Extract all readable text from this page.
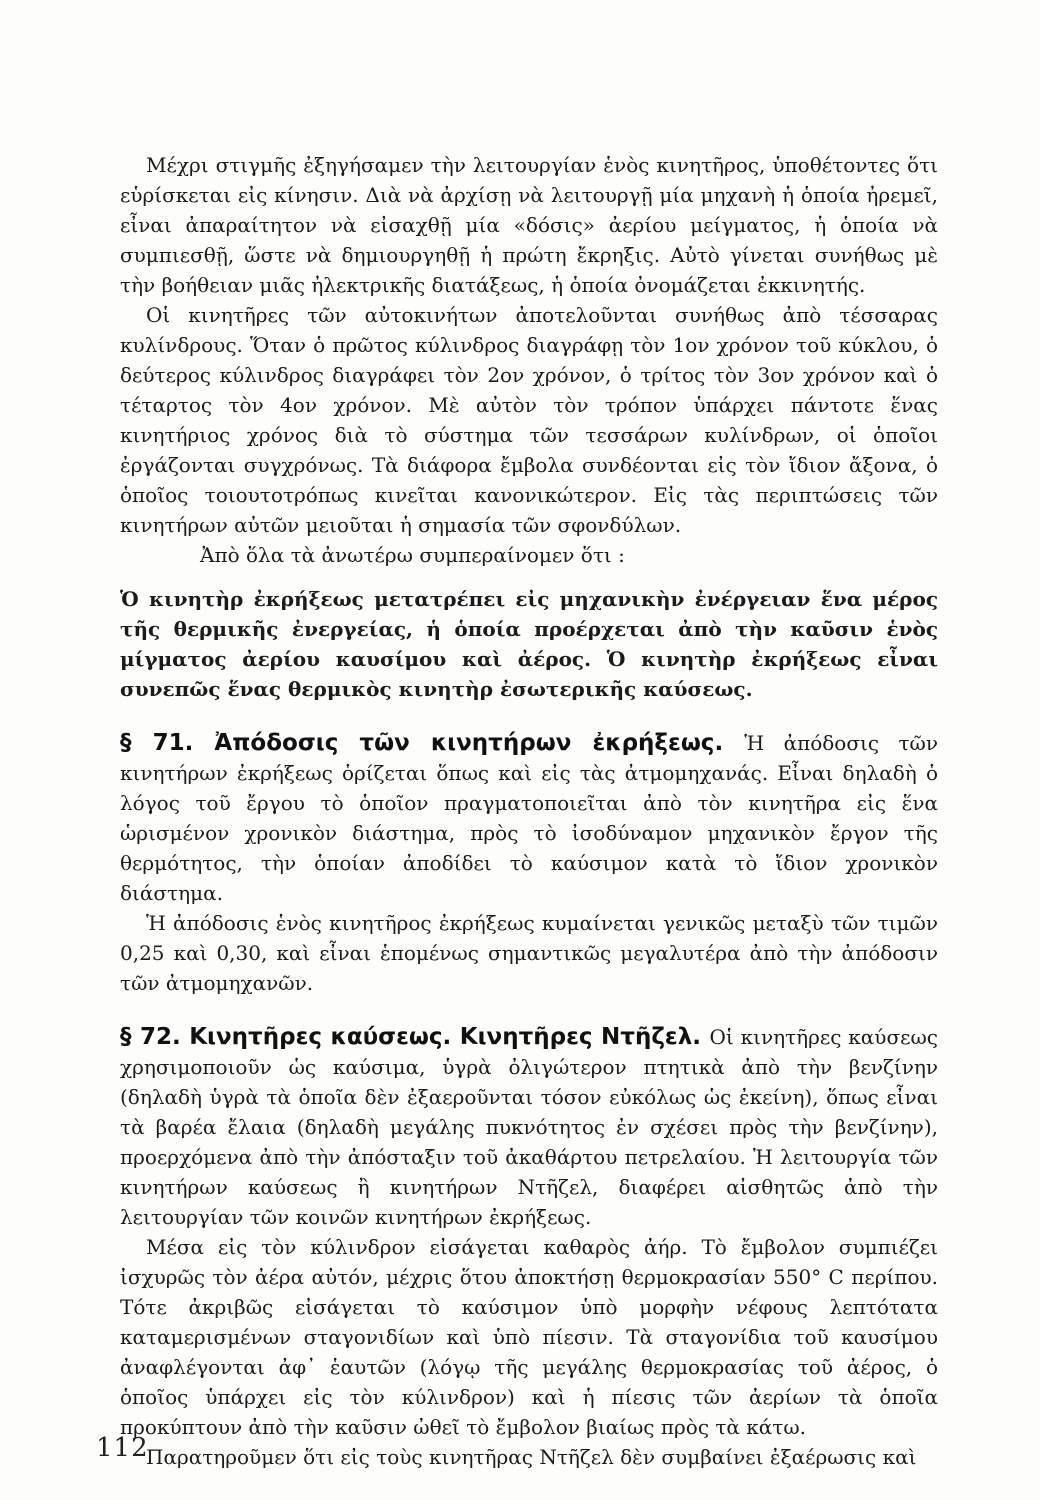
Μέχρι στιγμῆς ἐξηγήσαμεν τὴν λειτουργίαν ἑνὸς κινητῆρος, ὑποθέτοντες ὅτι εὑρίσκεται εἰς κίνησιν. Διὰ νὰ ἀρχίσῃ νὰ λειτουργῇ μία μηχανὴ ἡ ὁποία ἠρεμεῖ, εἶναι ἀπαραίτητον νὰ εἰσαχθῇ μία «δόσις» ἀερίου μείγματος, ἡ ὁποία νὰ συμπιεσθῇ, ὥστε νὰ δημιουργηθῇ ἡ πρώτη ἔκρηξις. Αὐτὸ γίνεται συνήθως μὲ τὴν βοήθειαν μιᾶς ἠλεκτρικῆς διατάξεως, ἡ ὁποία ὀνομάζεται ἐκκινητής.

Οἱ κινητῆρες τῶν αὐτοκινήτων ἀποτελοῦνται συνήθως ἀπὸ τέσσαρας κυλίνδρους. Ὅταν ὁ πρῶτος κύλινδρος διαγράφῃ τὸν 1ον χρόνον τοῦ κύκλου, ὁ δεύτερος κύλινδρος διαγράφει τὸν 2ον χρόνον, ὁ τρίτος τὸν 3ον χρόνον καὶ ὁ τέταρτος τὸν 4ον χρόνον. Μὲ αὐτὸν τὸν τρόπον ὑπάρχει πάντοτε ἕνας κινητήριος χρόνος διὰ τὸ σύστημα τῶν τεσσάρων κυλίνδρων, οἱ ὁποῖοι ἐργάζονται συγχρόνως. Τὰ διάφορα ἔμβολα συνδέονται εἰς τὸν ἴδιον ἄξονα, ὁ ὁποῖος τοιουτοτρόπως κινεῖται κανονικώτερον. Εἰς τὰς περιπτώσεις τῶν κινητήρων αὐτῶν μειοῦται ἡ σημασία τῶν σφονδύλων.

Ἀπὸ ὅλα τὰ ἀνωτέρω συμπεραίνομεν ὅτι :

Ὁ κινητὴρ ἐκρήξεως μετατρέπει εἰς μηχανικὴν ἐνέργειαν ἕνα μέρος τῆς θερμικῆς ἐνεργείας, ἡ ὁποία προέρχεται ἀπὸ τὴν καῦσιν ἑνὸς μίγματος ἀερίου καυσίμου καὶ ἀέρος. Ὁ κινητὴρ ἐκρήξεως εἶναι συνεπῶς ἕνας θερμικὸς κινητὴρ ἐσωτερικῆς καύσεως.

§ 71. Ἀπόδοσις τῶν κινητήρων ἐκρήξεως. Ἡ ἀπόδοσις τῶν κινητήρων ἐκρήξεως ὁρίζεται ὅπως καὶ εἰς τὰς ἀτμομηχανάς. Εἶναι δηλαδὴ ὁ λόγος τοῦ ἔργου τὸ ὁποῖον πραγματοποιεῖται ἀπὸ τὸν κινητῆρα εἰς ἕνα ὡρισμένον χρονικὸν διάστημα, πρὸς τὸ ἰσοδύναμον μηχανικὸν ἔργον τῆς θερμότητος, τὴν ὁποίαν ἀποδίδει τὸ καύσιμον κατὰ τὸ ἴδιον χρονικὸν διάστημα.

Ἡ ἀπόδοσις ἑνὸς κινητῆρος ἐκρήξεως κυμαίνεται γενικῶς μεταξὺ τῶν τιμῶν 0,25 καὶ 0,30, καὶ εἶναι ἑπομένως σημαντικῶς μεγαλυτέρα ἀπὸ τὴν ἀπόδοσιν τῶν ἀτμομηχανῶν.

§ 72. Κινητῆρες καύσεως. Κινητῆρες Ντῆζελ. Οἱ κινητῆρες καύσεως χρησιμοποιοῦν ὡς καύσιμα, ὑγρὰ ὀλιγώτερον πτητικὰ ἀπὸ τὴν βενζίνην (δηλαδὴ ὑγρὰ τὰ ὁποῖα δὲν ἐξαεροῦνται τόσον εὐκόλως ὡς ἐκείνη), ὅπως εἶναι τὰ βαρέα ἔλαια (δηλαδὴ μεγάλης πυκνότητος ἐν σχέσει πρὸς τὴν βενζίνην), προερχόμενα ἀπὸ τὴν ἀπόσταξιν τοῦ ἀκαθάρτου πετρελαίου. Ἡ λειτουργία τῶν κινητήρων καύσεως ἢ κινητήρων Ντῆζελ, διαφέρει αἰσθητῶς ἀπὸ τὴν λειτουργίαν τῶν κοινῶν κινητήρων ἐκρήξεως.

Μέσα εἰς τὸν κύλινδρον εἰσάγεται καθαρὸς ἀήρ. Τὸ ἔμβολον συμπιέζει ἰσχυρῶς τὸν ἀέρα αὐτόν, μέχρις ὅτου ἀποκτήσῃ θερμοκρασίαν 550° C περίπου. Τότε ἀκριβῶς εἰσάγεται τὸ καύσιμον ὑπὸ μορφὴν νέφους λεπτότατα καταμερισμένων σταγονιδίων καὶ ὑπὸ πίεσιν. Τὰ σταγονίδια τοῦ καυσίμου ἀναφλέγονται ἀφ᾽ ἑαυτῶν (λόγῳ τῆς μεγάλης θερμοκρασίας τοῦ ἀέρος, ὁ ὁποῖος ὑπάρχει εἰς τὸν κύλινδρον) καὶ ἡ πίεσις τῶν ἀερίων τὰ ὁποῖα προκύπτουν ἀπὸ τὴν καῦσιν ὠθεῖ τὸ ἔμβολον βιαίως πρὸς τὰ κάτω.

Παρατηροῦμεν ὅτι εἰς τοὺς κινητῆρας Ντῆζελ δὲν συμβαίνει ἐξαέρωσις καὶ

112
